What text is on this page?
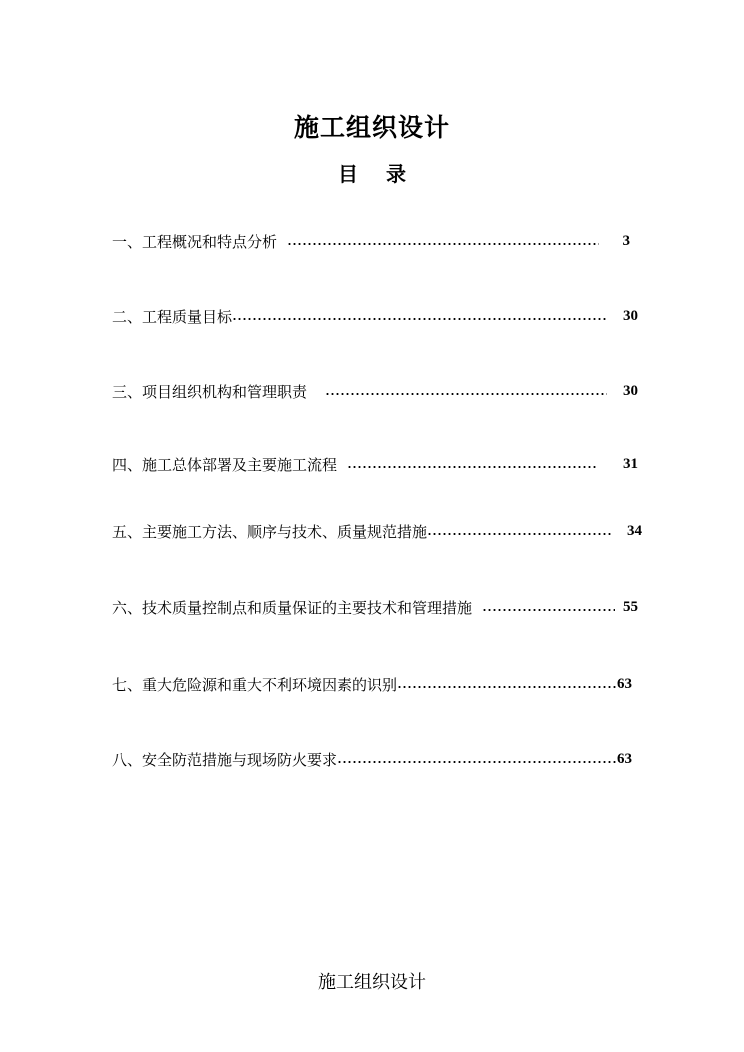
施工组织设计
目 录
一、工程概况和特点分析	3
二、工程质量目标	30
三、项目组织机构和管理职责	30
四、施工总体部署及主要施工流程	31
五、主要施工方法、顺序与技术、质量规范措施	34
六、技术质量控制点和质量保证的主要技术和管理措施	55
七、重大危险源和重大不利环境因素的识别	63
八、安全防范措施与现场防火要求	63
施工组织设计
